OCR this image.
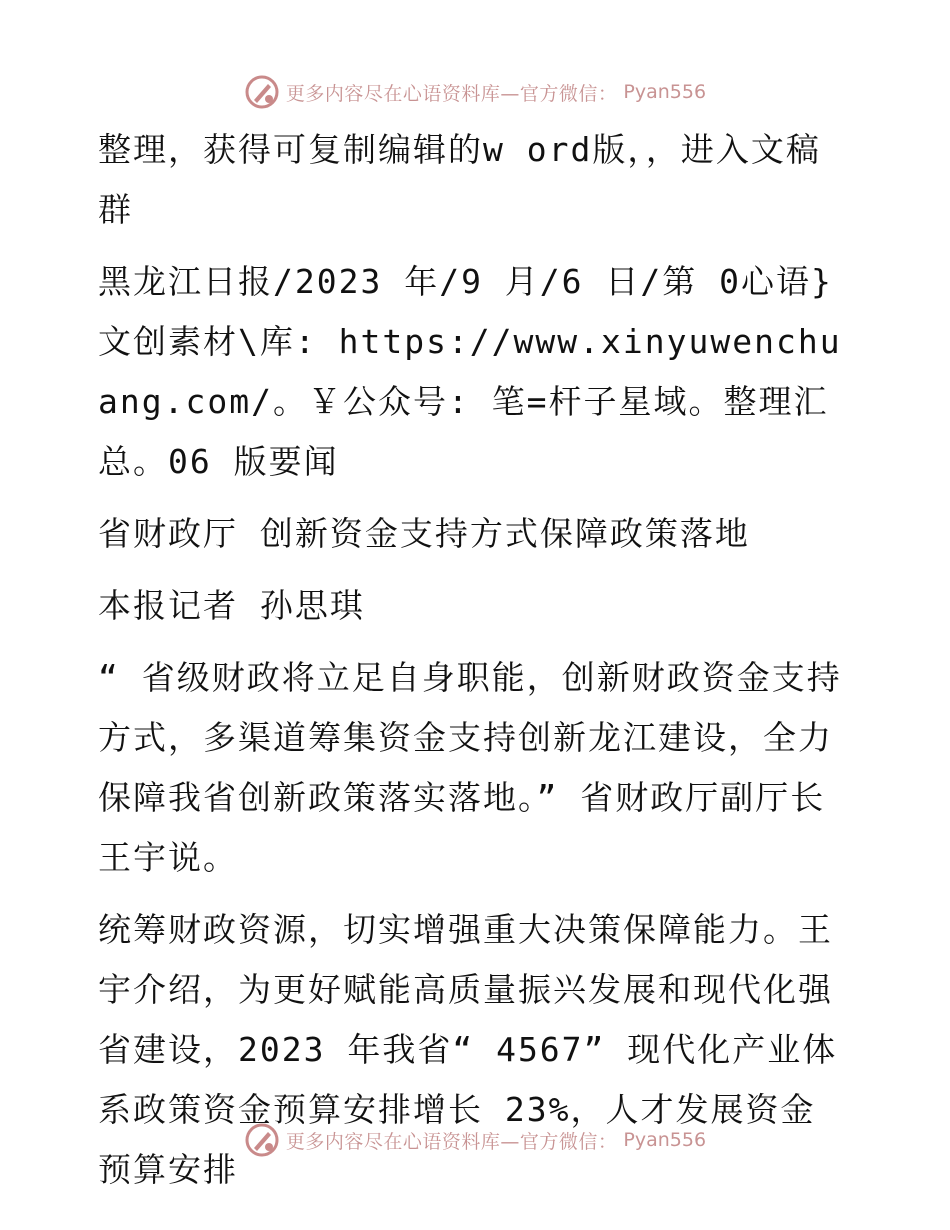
更多内容尽在心语资料库—官方微信： Pyan556

整理，获得可复制编辑的w ord版，，进入文稿群

黑龙江日报/2023 年/9 月/6 日/第 0心语}文创素材\库: https://www.xinyuwenchuang.com/。￥公众号: 笔=杆子星域。整理汇总。06 版要闻

省财政厅 创新资金支持方式保障政策落地

本报记者 孙思琪

“ 省级财政将立足自身职能，创新财政资金支持方式，多渠道筹集资金支持创新龙江建设，全力保障我省创新政策落实落地。” 省财政厅副厅长王宇说。

统筹财政资源，切实增强重大决策保障能力。王宇介绍，为更好赋能高质量振兴发展和现代化强省建设，2023 年我省“ 4567” 现代化产业体系政策资金预算安排增长 23%，人才发展资金预算安排

更多内容尽在心语资料库—官方微信： Pyan556
